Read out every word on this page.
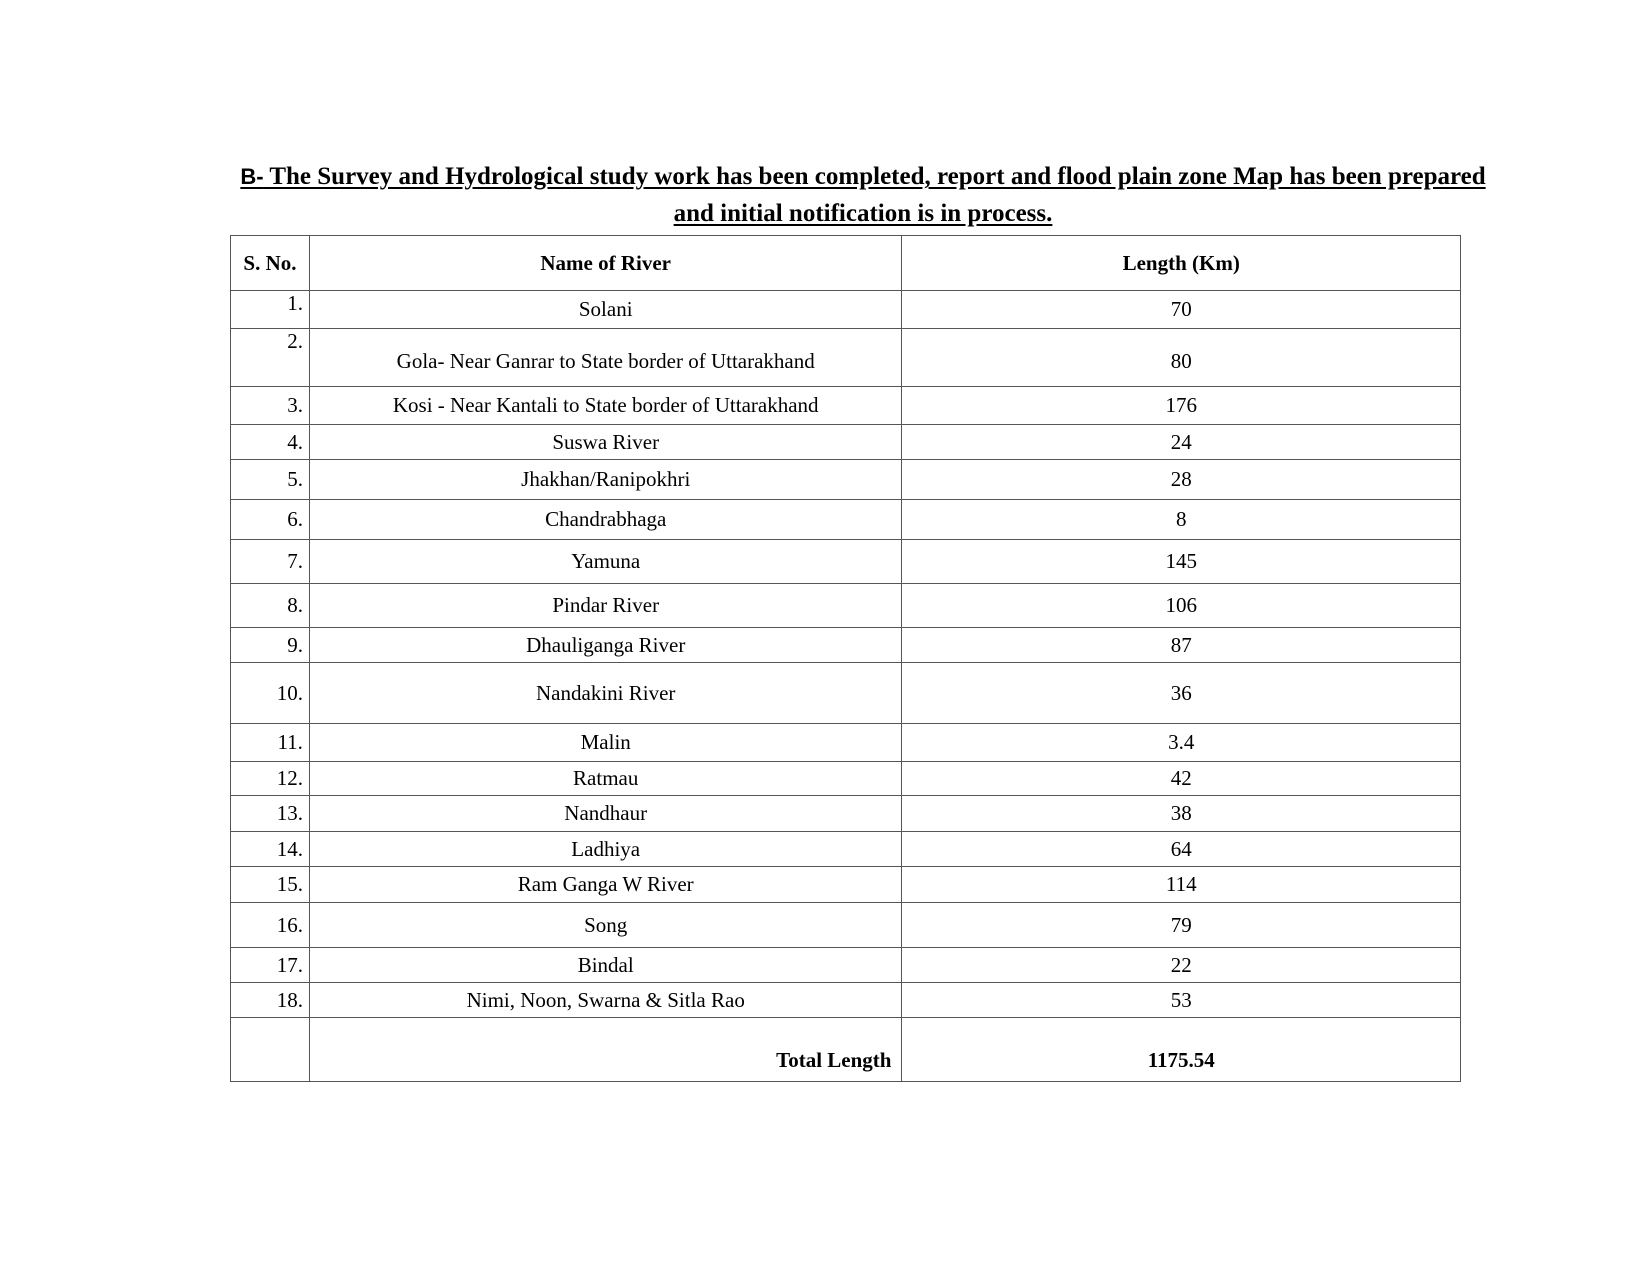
B- The Survey and Hydrological study work has been completed, report and flood plain zone Map has been prepared and initial notification is in process.
S. No.	Name of River	Length (Km)
1.	Solani	70
2.	Gola- Near Ganrar to State border of Uttarakhand	80
3.	Kosi - Near Kantali to State border of Uttarakhand	176
4.	Suswa River	24
5.	Jhakhan/Ranipokhri	28
6.	Chandrabhaga	8
7.	Yamuna	145
8.	Pindar River	106
9.	Dhauliganga River	87
10.	Nandakini River	36
11.	Malin	3.4
12.	Ratmau	42
13.	Nandhaur	38
14.	Ladhiya	64
15.	Ram Ganga W River	114
16.	Song	79
17.	Bindal	22
18.	Nimi, Noon, Swarna & Sitla Rao	53
	Total Length	1175.54
